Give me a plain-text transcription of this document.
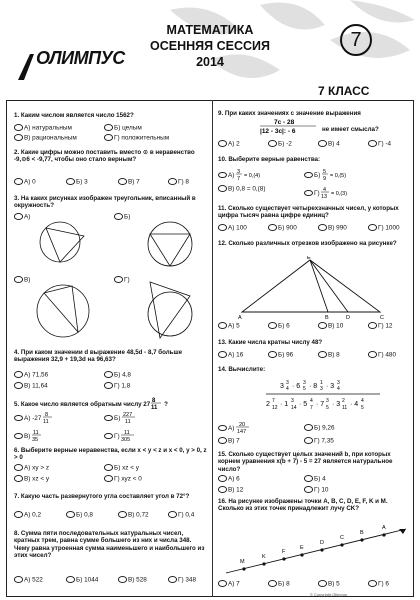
ОЛИМПУС
МАТЕМАТИКА
ОСЕННЯЯ СЕССИЯ
2014
7
7 КЛАСС
1. Каким числом является число 1562?
A) натуральным	Б) целым
В) рациональным	Г) положительным
2. Какие цифры можно поставить вместо ⊙ в неравенство -9,⊙6 < -9,77, чтобы оно стало верным?
A) 0	Б) 3	В) 7	Г) 8
3. На каких рисунках изображен треугольник, вписанный в окружность?
A)	Б)
В)	Г)
4. При каком значении d выражение 48,5d - 8,7 больше выражения 32,9 + 19,3d на 96,63?
A) 71,56	Б) 4,8
В) 11,64	Г) 1,8
5. Какое число является обратным числу 27 8
11 ?
A) -27 8
11	Б) 227
11
В) 11
35	Г) 11
305
6. Выберите верные неравенства, если x < y < z и x < 0, y > 0, z > 0
A) xy > z	Б) xz < y
В) xz < y	Г) xyz < 0
7. Какую часть развернутого угла составляет угол в 72°?
A) 0,2	Б) 0,8	В) 0,72	Г) 0,4
8. Сумма пяти последовательных натуральных чисел, кратных трем, равна сумме большего из них и числа 348. Чему равна утроенная сумма наименьшего и наибольшего из этих чисел?
A) 522	Б) 1044	В) 528	Г) 348
9. При каких значениях с значение выражения
7c - 28
|12 - 3c|: - 6	не имеет смысла?
A) 2	Б) -2	В) 4	Г) -4
10. Выберите верные равенства:
A) 3
7 = 0,(4)	Б) 5
9 = 0,(5)
В) 0,8 = 0,(8)
Г) 4
13 = 0,(3)
11. Сколько существует четырехзначных чисел, у которых цифра тысяч равна цифре единиц?
A) 100	Б) 900	В) 990	Г) 1000
12. Сколько различных отрезков изображено на рисунке?
A
E
B	D	C
A) 5	Б) 6	В) 10	Г) 12
13. Какие числа кратны числу 48?
A) 16	Б) 96	В) 8	Г) 480
14. Вычислите:
3 3
4 · 6 3
5 · 8 1
3 · 3 3
4
2 7
12 · 1 3
14 · 5 4
7 · 7 3
5 · 3 2
11 · 4 4
5
A) 20
147
Б) 9,26
В) 7	Г) 7,35
15. Сколько существует целых значений b, при которых корнем уравнения x(b + 7) - 5 = 27 является натуральное число?
A) 6	Б) 4
В) 12	Г) 10
16. На рисунке изображены точки A, B, C, D, E, F, K и M. Сколько из этих точек принадлежит лучу CK?
M
K
F
E
D
C
B
A
A) 7	Б) 8	В) 5	Г) 6
© Copyright Olimpus
